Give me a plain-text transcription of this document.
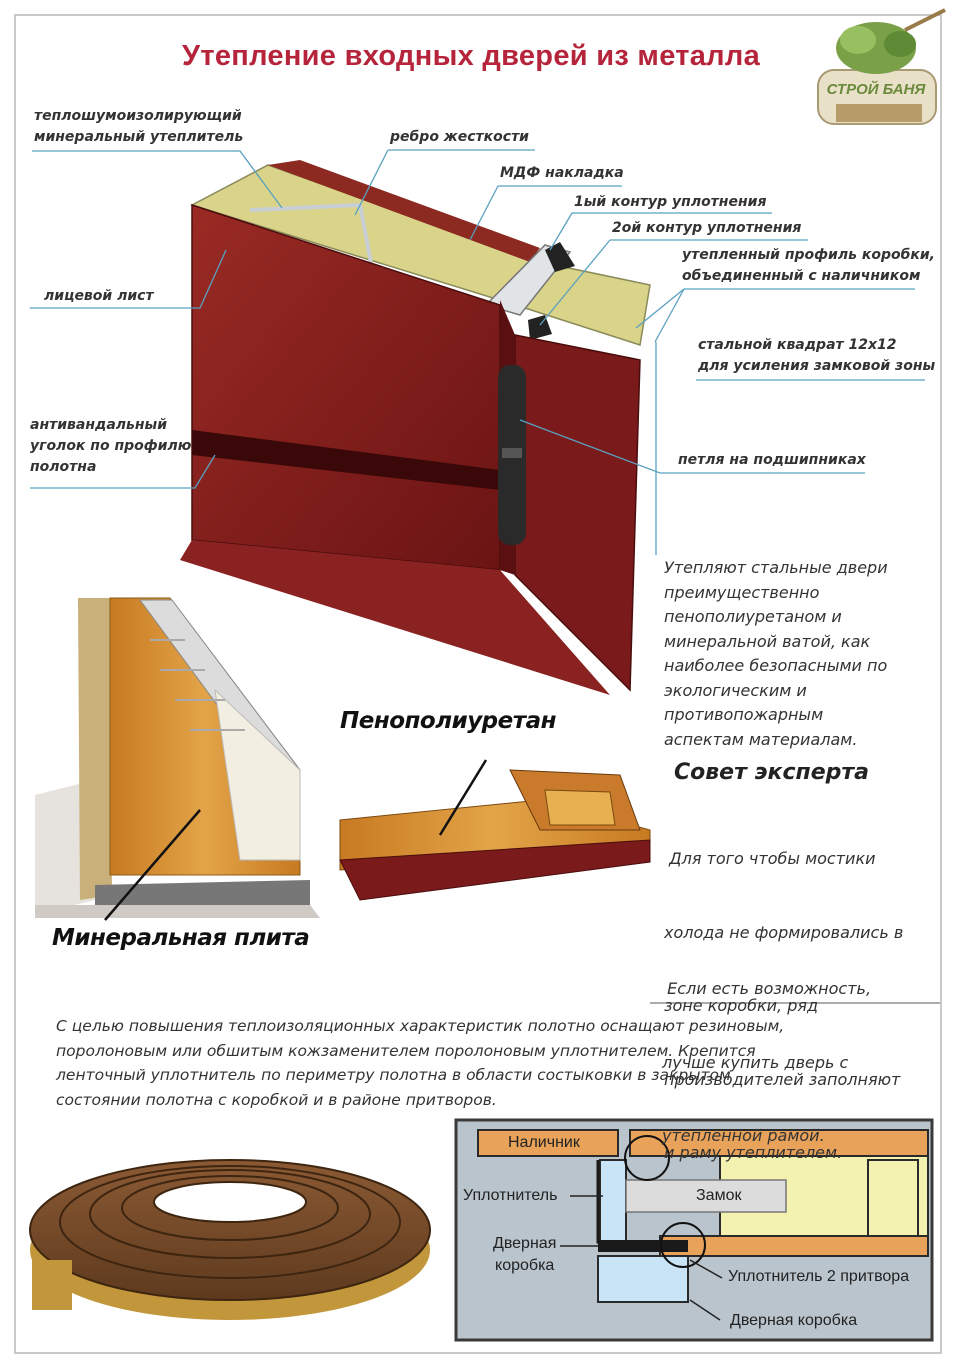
Утепление входных дверей из металла
СТРОЙ БАНЯ
теплошумоизолирующий
минеральный утеплитель	ребро жесткости
МДФ накладка
1ый контур уплотнения
2ой контур уплотнения
утепленный профиль коробки,
объединенный с наличником
лицевой лист
стальной квадрат 12х12
для усиления замковой зоны
антивандальный
уголок по профилю
полотна	петля на подшипниках
Утепляют стальные двери
преимущественно
пенополиуретаном и
минеральной ватой, как
наиболее безопасными по
экологическим и
противопожарным
аспектам материалам.
Совет эксперта

Для того чтобы мостики

холода не формировались в

зоне коробки, ряд

производителей заполняют

и раму утеплителем.

Если есть возможность,

лучше купить дверь с

утепленной рамой.

Пенополиуретан
Минеральная плита
С целью повышения теплоизоляционных характеристик полотно оснащают резиновым,
поролоновым или обшитым кожзаменителем поролоновым уплотнителем. Крепится
ленточный уплотнитель по периметру полотна в области состыковки в закрытом
состоянии полотна с коробкой и в районе притворов.
Наличник
Уплотнитель	Замок
Дверная
коробка
Уплотнитель 2 притвора
Дверная коробка
